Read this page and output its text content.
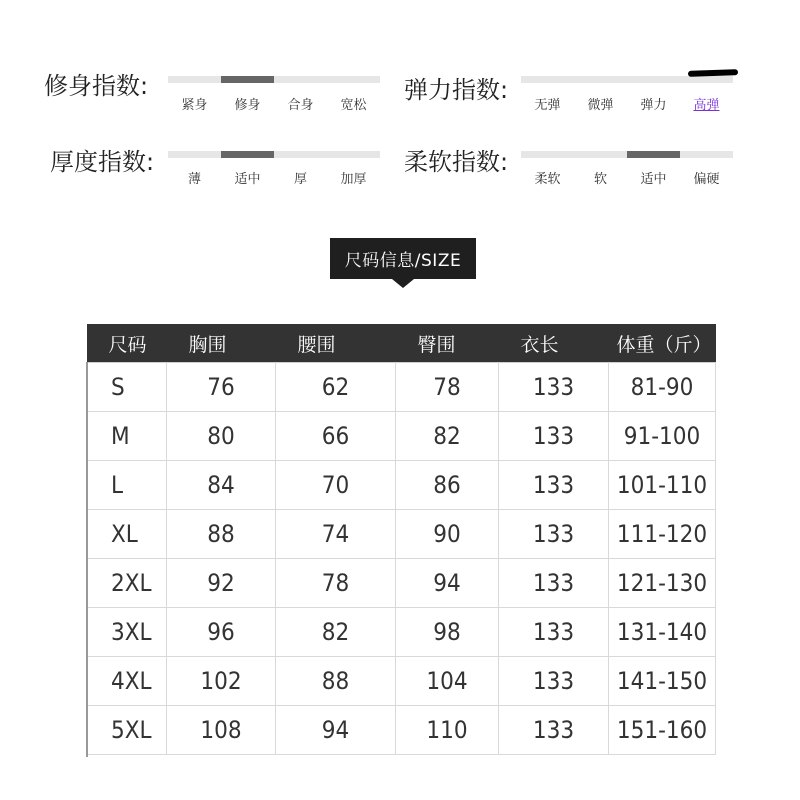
修身指数:
紧身	修身	合身	宽松
弹力指数:
无弹	微弹	弹力	高弹
厚度指数:
薄	适中	厚	加厚
柔软指数:
柔软	软	适中	偏硬
尺码信息/SIZE
尺码	胸围	腰围	臀围	衣长	体重（斤）
S	76	62	78	133	81-90
M	80	66	82	133	91-100
L	84	70	86	133	101-110
XL	88	74	90	133	111-120
2XL	92	78	94	133	121-130
3XL	96	82	98	133	131-140
4XL	102	88	104	133	141-150
5XL	108	94	110	133	151-160
